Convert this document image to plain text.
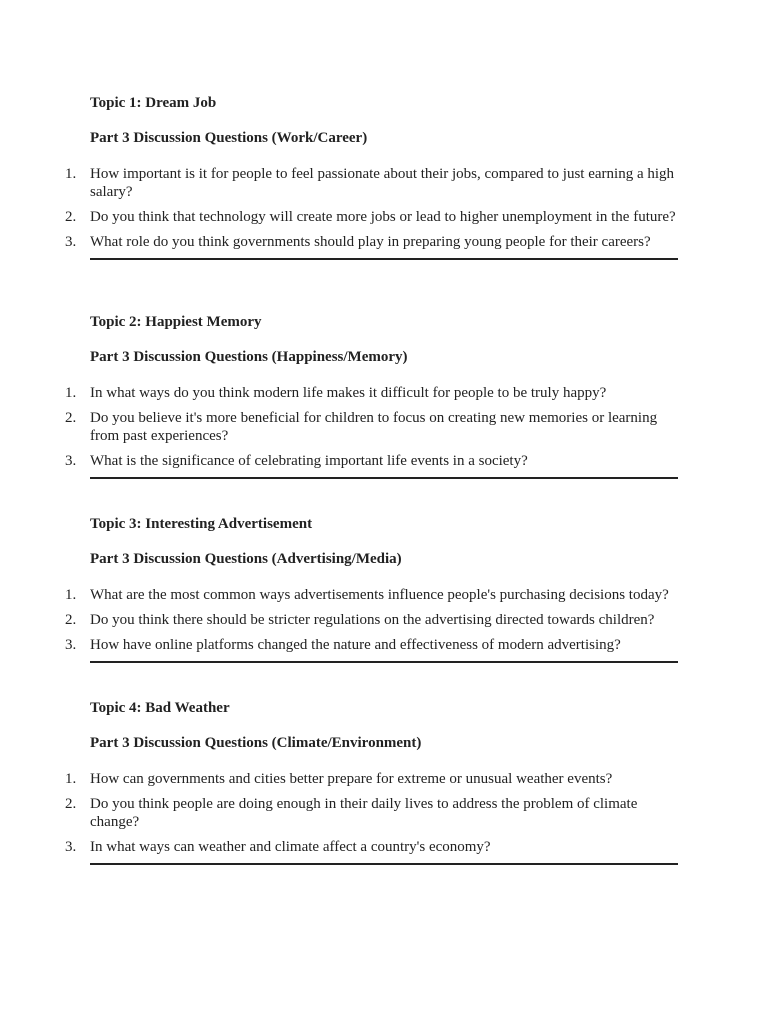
Topic 1: Dream Job

Part 3 Discussion Questions (Work/Career)

1. How important is it for people to feel passionate about their jobs, compared to just earning a high salary?
2. Do you think that technology will create more jobs or lead to higher unemployment in the future?
3. What role do you think governments should play in preparing young people for their careers?

Topic 2: Happiest Memory

Part 3 Discussion Questions (Happiness/Memory)

1. In what ways do you think modern life makes it difficult for people to be truly happy?
2. Do you believe it's more beneficial for children to focus on creating new memories or learning from past experiences?
3. What is the significance of celebrating important life events in a society?

Topic 3: Interesting Advertisement

Part 3 Discussion Questions (Advertising/Media)

1. What are the most common ways advertisements influence people's purchasing decisions today?
2. Do you think there should be stricter regulations on the advertising directed towards children?
3. How have online platforms changed the nature and effectiveness of modern advertising?

Topic 4: Bad Weather

Part 3 Discussion Questions (Climate/Environment)

1. How can governments and cities better prepare for extreme or unusual weather events?
2. Do you think people are doing enough in their daily lives to address the problem of climate change?
3. In what ways can weather and climate affect a country's economy?
